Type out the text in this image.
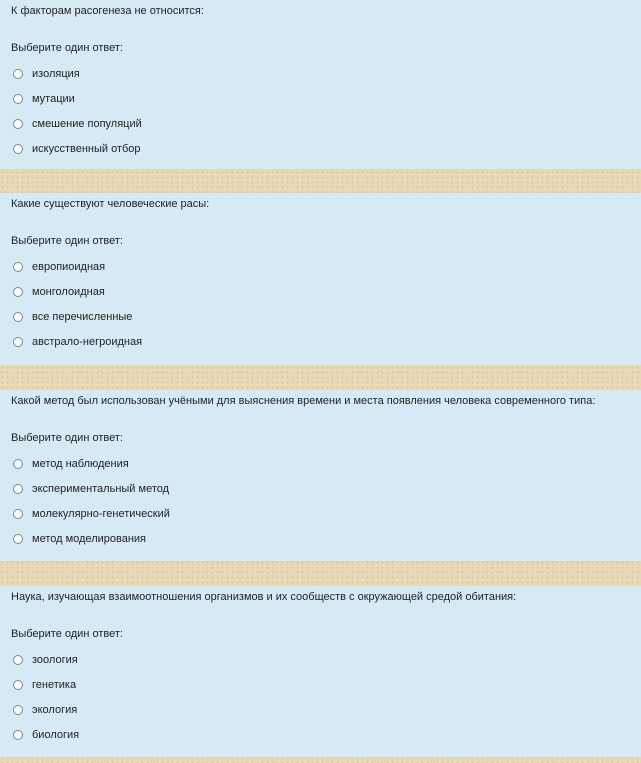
К факторам расогенеза не относится:
Выберите один ответ:
изоляция
мутации
смешение популяций
искусственный отбор
Какие существуют человеческие расы:
Выберите один ответ:
европиоидная
монголоидная
все перечисленные
австрало-негроидная
Какой метод был использован учёными для выяснения времени и места появления человека современного типа:
Выберите один ответ:
метод наблюдения
экспериментальный метод
молекулярно-генетический
метод моделирования
Наука, изучающая взаимоотношения организмов и их сообществ с окружающей средой обитания:
Выберите один ответ:
зоология
генетика
экология
биология
